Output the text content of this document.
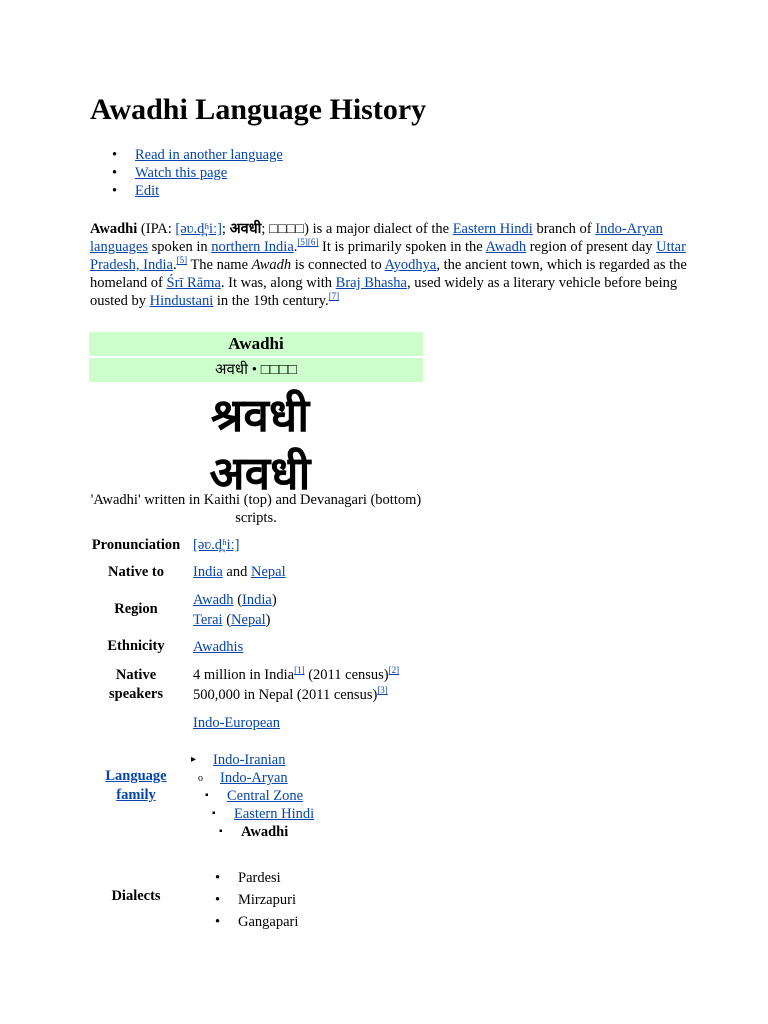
Awadhi Language History
• Read in another language
• Watch this page
• Edit

Awadhi (IPA: [əʋ.d̪ʱiː]; अवधी; □□□□) is a major dialect of the Eastern Hindi branch of Indo-Aryan languages spoken in northern India.[5][6] It is primarily spoken in the Awadh region of present day Uttar Pradesh, India.[5] The name Awadh is connected to Ayodhya, the ancient town, which is regarded as the homeland of Śrī Rāma. It was, along with Braj Bhasha, used widely as a literary vehicle before being ousted by Hindustani in the 19th century.[7]

Awadhi
अवधी • □□□□
श्रवधी
अवधी
'Awadhi' written in Kaithi (top) and Devanagari (bottom) scripts.
Pronunciation [əʋ.d̪ʱiː]
Native to	India and Nepal
Region
Awadh (India)
Terai (Nepal)
Ethnicity	Awadhis
Native
speakers
4 million in India[1] (2011 census)[2]
500,000 in Nepal (2011 census)[3]
Indo-European
Language
family
▸ Indo-Iranian
o Indo-Aryan
▪ Central Zone
▪ Eastern Hindi
▪ Awadhi
Dialects
• Pardesi
• Mirzapuri
• Gangapari
